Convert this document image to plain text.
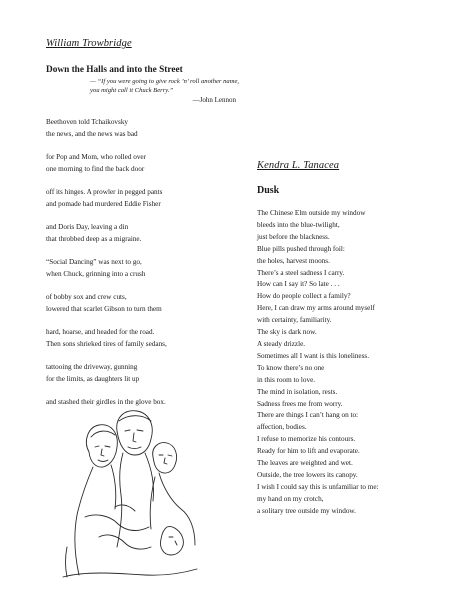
William Trowbridge
Down the Halls and into the Street
— “If you were going to give rock ’n’ roll another name,
you might call it Chuck Berry.”
—John Lennon
Beethoven told Tchaikovsky
the news, and the news was bad
for Pop and Mom, who rolled over
one morning to find the back door
off its hinges. A prowler in pegged pants
and pomade had murdered Eddie Fisher
and Doris Day, leaving a din
that throbbed deep as a migraine.
“Social Dancing” was next to go,
when Chuck, grinning into a crush
of bobby sox and crew cuts,
lowered that scarlet Gibson to turn them
hard, hoarse, and headed for the road.
Then sons shrieked tires of family sedans,
tattooing the driveway, gunning
for the limits, as daughters lit up
and stashed their girdles in the glove box.
Kendra L. Tanacea
Dusk
The Chinese Elm outside my window
bleeds into the blue-twilight,
just before the blackness.
Blue pills pushed through foil:
the holes, harvest moons.
There’s a steel sadness I carry.
How can I say it? So late . . .
How do people collect a family?
Here, I can draw my arms around myself
with certainty, familiarity.
The sky is dark now.
A steady drizzle.
Sometimes all I want is this loneliness.
To know there’s no one
in this room to love.
The mind in isolation, rests.
Sadness frees me from worry.
There are things I can’t hang on to:
affection, bodies.
I refuse to memorize his contours.
Ready for him to lift and evaporate.
The leaves are weighted and wet.
Outside, the tree lowers its canopy.
I wish I could say this is unfamiliar to me:
my hand on my crotch,
a solitary tree outside my window.
